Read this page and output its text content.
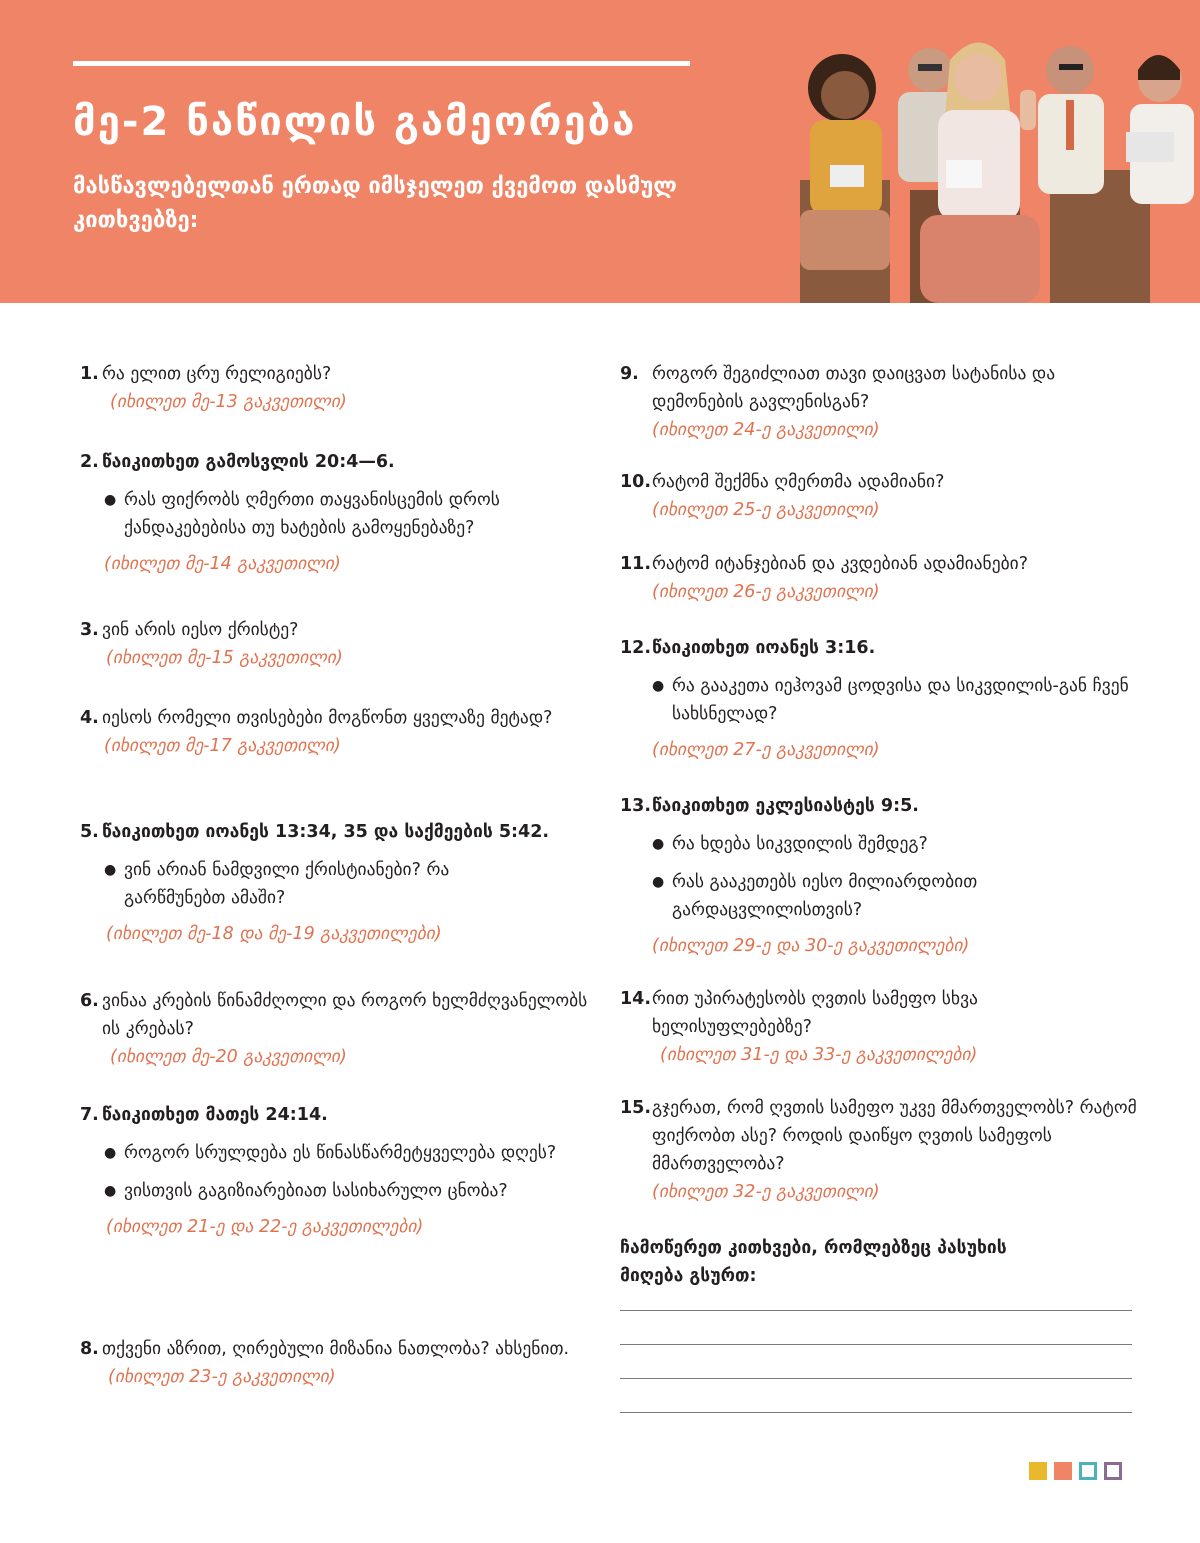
მე-2 ნაწილის გამეორება
მასწავლებელთან ერთად იმსჯელეთ ქვემოთ დასმულ კითხვებზე:
1. რა ელით ცრუ რელიგიებს?
(იხილეთ მე-13 გაკვეთილი)
2. წაიკითხეთ გამოსვლის 20:4—6.
● რას ფიქრობს ღმერთი თაყვანისცემის დროს ქანდაკებებისა თუ ხატების გამოყენებაზე?
(იხილეთ მე-14 გაკვეთილი)
3. ვინ არის იესო ქრისტე?
(იხილეთ მე-15 გაკვეთილი)
4. იესოს რომელი თვისებები მოგწონთ ყველაზე მეტად?
(იხილეთ მე-17 გაკვეთილი)
5. წაიკითხეთ იოანეს 13:34, 35 და საქმეების 5:42.
● ვინ არიან ნამდვილი ქრისტიანები? რა გარწმუნებთ ამაში?
(იხილეთ მე-18 და მე-19 გაკვეთილები)
6. ვინაა კრების წინამძღოლი და როგორ ხელმძღვანელობს ის კრებას?
(იხილეთ მე-20 გაკვეთილი)
7. წაიკითხეთ მათეს 24:14.
● როგორ სრულდება ეს წინასწარმეტყველება დღეს?
● ვისთვის გაგიზიარებიათ სასიხარულო ცნობა?
(იხილეთ 21-ე და 22-ე გაკვეთილები)
8. თქვენი აზრით, ღირებული მიზანია ნათლობა? ახსენით.
(იხილეთ 23-ე გაკვეთილი)
9. როგორ შეგიძლიათ თავი დაიცვათ სატანისა და დემონების გავლენისგან?
(იხილეთ 24-ე გაკვეთილი)
10. რატომ შექმნა ღმერთმა ადამიანი?
(იხილეთ 25-ე გაკვეთილი)
11. რატომ იტანჯებიან და კვდებიან ადამიანები?
(იხილეთ 26-ე გაკვეთილი)
12. წაიკითხეთ იოანეს 3:16.
● რა გააკეთა იეჰოვამ ცოდვისა და სიკვდილის-გან ჩვენ სახსნელად?
(იხილეთ 27-ე გაკვეთილი)
13. წაიკითხეთ ეკლესიასტეს 9:5.
● რა ხდება სიკვდილის შემდეგ?
● რას გააკეთებს იესო მილიარდობით გარდაცვლილისთვის?
(იხილეთ 29-ე და 30-ე გაკვეთილები)
14. რით უპირატესობს ღვთის სამეფო სხვა ხელისუფლებებზე?
(იხილეთ 31-ე და 33-ე გაკვეთილები)
15. გჯერათ, რომ ღვთის სამეფო უკვე მმართველობს? რატომ ფიქრობთ ასე? როდის დაიწყო ღვთის სამეფოს მმართველობა?
(იხილეთ 32-ე გაკვეთილი)
ჩამოწერეთ კითხვები, რომლებზეც პასუხის მიღება გსურთ:
